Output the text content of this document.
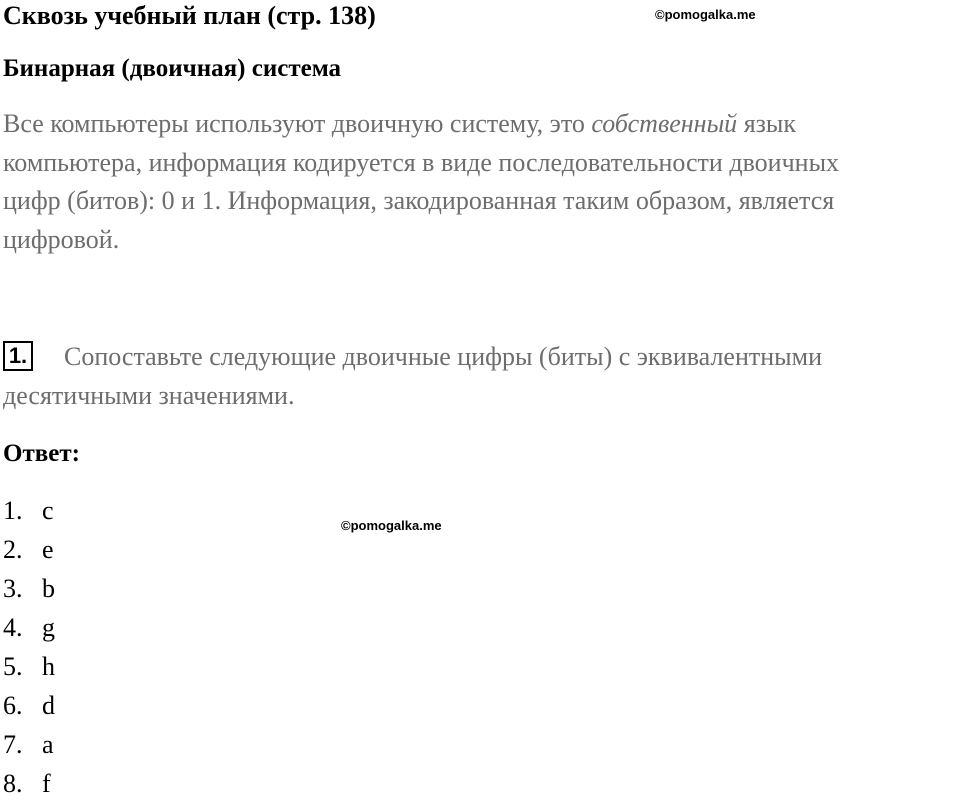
Сквозь учебный план (стр. 138)	©pomogalka.me
Бинарная (двоичная) система
Все компьютеры используют двоичную систему, это собственный язык
компьютера, информация кодируется в виде последовательности двоичных
цифр (битов): 0 и 1. Информация, закодированная таким образом, является
цифровой.
1.	Сопоставьте следующие двоичные цифры (биты) с эквивалентными
десятичными значениями.
Ответ:
©pomogalka.me
1. c
2. e
3. b
4. g
5. h
6. d
7. a
8. f
